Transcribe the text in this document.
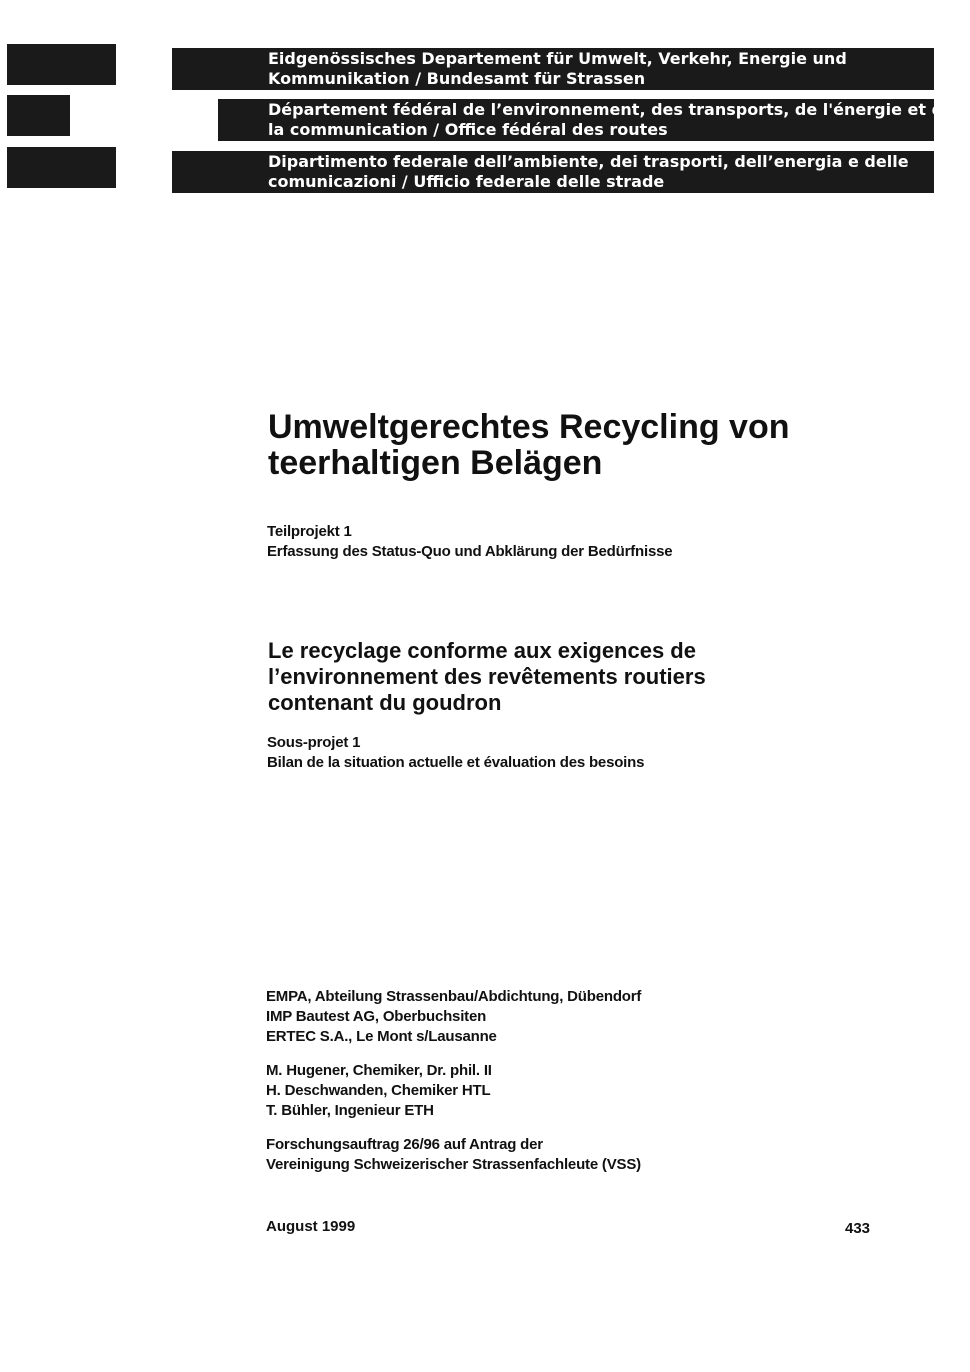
Eidgenössisches Departement für Umwelt, Verkehr, Energie und
Kommunikation / Bundesamt für Strassen
Département fédéral de l’environnement, des transports, de l'énergie et de
la communication / Office fédéral des routes
Dipartimento federale dell’ambiente, dei trasporti, dell’energia e delle
comunicazioni / Ufficio federale delle strade
Umweltgerechtes Recycling von
teerhaltigen Belägen
Teilprojekt 1
Erfassung des Status-Quo und Abklärung der Bedürfnisse
Le recyclage conforme aux exigences de
l’environnement des revêtements routiers
contenant du goudron
Sous-projet 1
Bilan de la situation actuelle et évaluation des besoins
EMPA, Abteilung Strassenbau/Abdichtung, Dübendorf
IMP Bautest AG, Oberbuchsiten
ERTEC S.A., Le Mont s/Lausanne
M. Hugener, Chemiker, Dr. phil. II
H. Deschwanden, Chemiker HTL
T. Bühler, Ingenieur ETH
Forschungsauftrag 26/96 auf Antrag der
Vereinigung Schweizerischer Strassenfachleute (VSS)
August 1999	433
